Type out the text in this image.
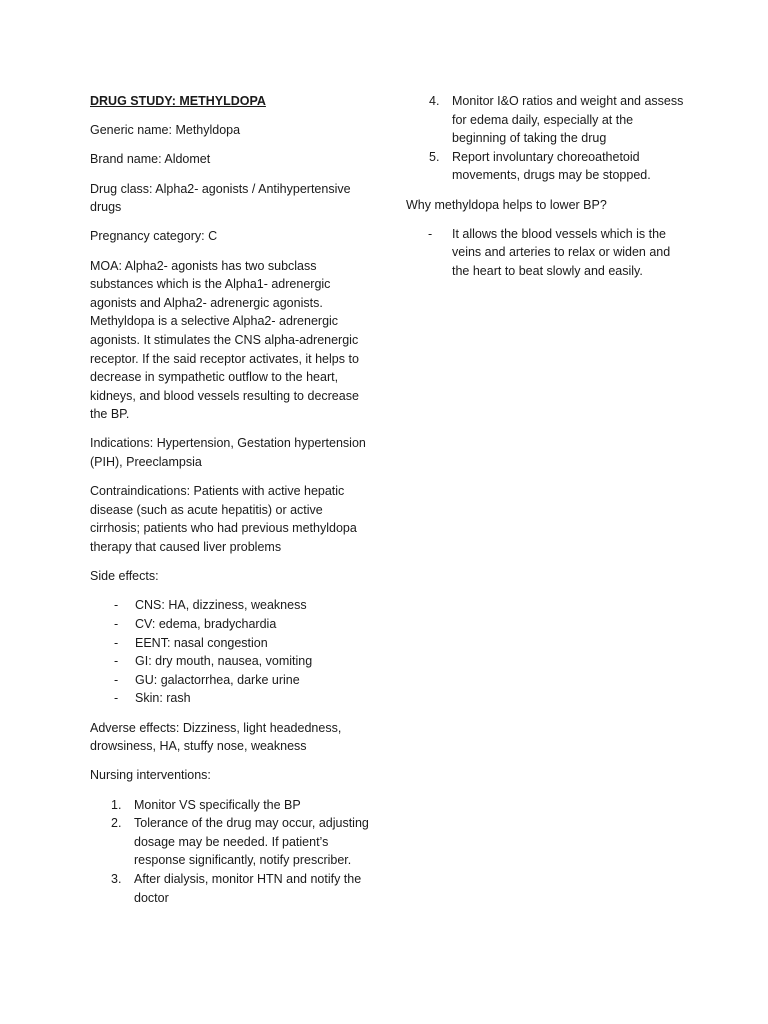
DRUG STUDY: METHYLDOPA

Generic name: Methyldopa

Brand name: Aldomet

Drug class: Alpha2- agonists / Antihypertensive drugs

Pregnancy category: C

MOA: Alpha2- agonists has two subclass substances which is the Alpha1- adrenergic agonists and Alpha2- adrenergic agonists. Methyldopa is a selective Alpha2- adrenergic agonists. It stimulates the CNS alpha-adrenergic receptor. If the said receptor activates, it helps to decrease in sympathetic outflow to the heart, kidneys, and blood vessels resulting to decrease the BP.

Indications: Hypertension, Gestation hypertension (PIH), Preeclampsia

Contraindications: Patients with active hepatic disease (such as acute hepatitis) or active cirrhosis; patients who had previous methyldopa therapy that caused liver problems

Side effects:

- CNS: HA, dizziness, weakness
- CV: edema, bradychardia
- EENT: nasal congestion
- GI: dry mouth, nausea, vomiting
- GU: galactorrhea, darke urine
- Skin: rash

Adverse effects: Dizziness, light headedness, drowsiness, HA, stuffy nose, weakness

Nursing interventions:

1. Monitor VS specifically the BP
2. Tolerance of the drug may occur, adjusting dosage may be needed. If patient’s response significantly, notify prescriber.
3. After dialysis, monitor HTN and notify the doctor
4. Monitor I&O ratios and weight and assess for edema daily, especially at the beginning of taking the drug
5. Report involuntary choreoathetoid movements, drugs may be stopped.

Why methyldopa helps to lower BP?

- It allows the blood vessels which is the veins and arteries to relax or widen and the heart to beat slowly and easily.
